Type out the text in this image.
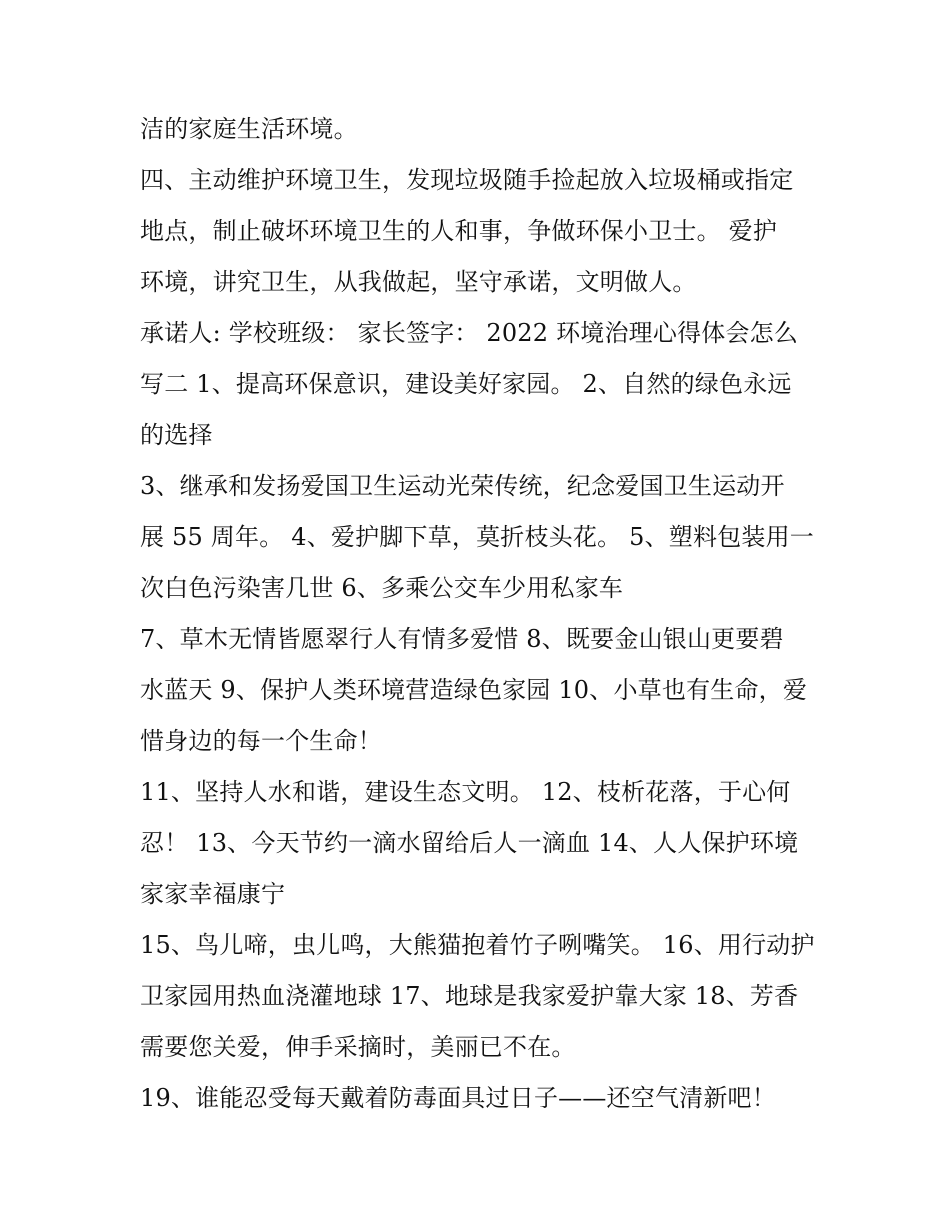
洁的家庭生活环境。
四、主动维护环境卫生，发现垃圾随手捡起放入垃圾桶或指定
地点，制止破坏环境卫生的人和事，争做环保小卫士。 爱护
环境，讲究卫生，从我做起，坚守承诺，文明做人。
承诺人: 学校班级： 家长签字： 2022 环境治理心得体会怎么
写二 1、提高环保意识，建设美好家园。 2、自然的绿色永远
的选择
3、继承和发扬爱国卫生运动光荣传统，纪念爱国卫生运动开
展 55 周年。 4、爱护脚下草，莫折枝头花。 5、塑料包装用一
次白色污染害几世 6、多乘公交车少用私家车
7、草木无情皆愿翠行人有情多爱惜 8、既要金山银山更要碧
水蓝天 9、保护人类环境营造绿色家园 10、小草也有生命，爱
惜身边的每一个生命！
11、坚持人水和谐，建设生态文明。 12、枝析花落，于心何
忍！ 13、今天节约一滴水留给后人一滴血 14、人人保护环境
家家幸福康宁
15、鸟儿啼，虫儿鸣，大熊猫抱着竹子咧嘴笑。 16、用行动护
卫家园用热血浇灌地球 17、地球是我家爱护靠大家 18、芳香
需要您关爱，伸手采摘时，美丽已不在。
19、谁能忍受每天戴着防毒面具过日子——还空气清新吧！
